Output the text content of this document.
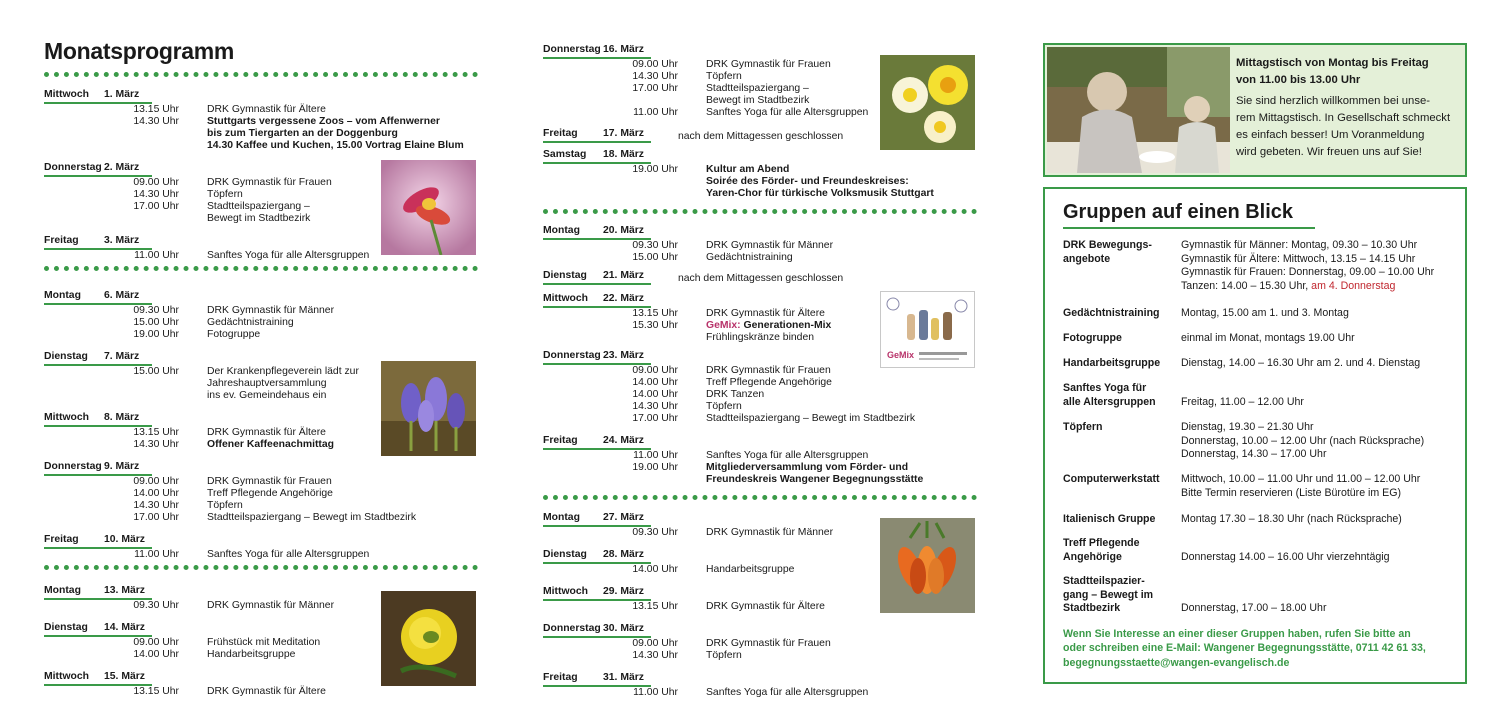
Monatsprogramm
Mittwoch	1. März
13.15 Uhr	DRK Gymnastik für Ältere
14.30 Uhr	Stuttgarts vergessene Zoos – vom Affenwerner
bis zum Tiergarten an der Doggenburg
14.30 Kaffee und Kuchen, 15.00 Vortrag Elaine Blum
Donnerstag 2. März
09.00 Uhr	DRK Gymnastik für Frauen
14.30 Uhr	Töpfern
17.00 Uhr	Stadtteilspaziergang –
Bewegt im Stadtbezirk
Freitag	3. März
11.00 Uhr	Sanftes Yoga für alle Altersgruppen
Montag	6. März
09.30 Uhr	DRK Gymnastik für Männer
15.00 Uhr	Gedächtnistraining
19.00 Uhr	Fotogruppe
Dienstag	7. März
15.00 Uhr	Der Krankenpflegeverein lädt zur
Jahreshauptversammlung
ins ev. Gemeindehaus ein
Mittwoch	8. März
13.15 Uhr	DRK Gymnastik für Ältere
14.30 Uhr	Offener Kaffeenachmittag
Donnerstag 9. März
09.00 Uhr	DRK Gymnastik für Frauen
14.00 Uhr	Treff Pflegende Angehörige
14.30 Uhr	Töpfern
17.00 Uhr	Stadtteilspaziergang – Bewegt im Stadtbezirk
Freitag	10. März
11.00 Uhr	Sanftes Yoga für alle Altersgruppen
Montag	13. März
09.30 Uhr	DRK Gymnastik für Männer
Dienstag	14. März
09.00 Uhr	Frühstück mit Meditation
14.00 Uhr	Handarbeitsgruppe
Mittwoch	15. März
13.15 Uhr	DRK Gymnastik für Ältere
Donnerstag 16. März
09.00 Uhr	DRK Gymnastik für Frauen
14.30 Uhr	Töpfern
17.00 Uhr	Stadtteilspaziergang –
Bewegt im Stadtbezirk
11.00 Uhr	Sanftes Yoga für alle Altersgruppen
Freitag	17. März	nach dem Mittagessen geschlossen
Samstag	18. März
19.00 Uhr	Kultur am Abend
Soirée des Förder- und Freundeskreises:
Yaren-Chor für türkische Volksmusik Stuttgart
Montag	20. März
09.30 Uhr	DRK Gymnastik für Männer
15.00 Uhr	Gedächtnistraining
Dienstag	21. März	nach dem Mittagessen geschlossen
Mittwoch	22. März
13.15 Uhr	DRK Gymnastik für Ältere
15.30 Uhr	GeMix: Generationen-Mix
Frühlingskränze binden
Donnerstag 23. März
09.00 Uhr	DRK Gymnastik für Frauen
14.00 Uhr	Treff Pflegende Angehörige
14.00 Uhr	DRK Tanzen
14.30 Uhr	Töpfern
17.00 Uhr	Stadtteilspaziergang – Bewegt im Stadtbezirk
Freitag	24. März
11.00 Uhr	Sanftes Yoga für alle Altersgruppen
19.00 Uhr	Mitgliederversammlung vom Förder- und
Freundeskreis Wangener Begegnungsstätte
Montag	27. März
09.30 Uhr	DRK Gymnastik für Männer
Dienstag	28. März
14.00 Uhr	Handarbeitsgruppe
Mittwoch	29. März
13.15 Uhr	DRK Gymnastik für Ältere
Donnerstag 30. März
09.00 Uhr	DRK Gymnastik für Frauen
14.30 Uhr	Töpfern
Freitag	31. März
11.00 Uhr	Sanftes Yoga für alle Altersgruppen
GeMix
Mittagstisch von Montag bis Freitag
von 11.00 bis 13.00 Uhr
Sie sind herzlich willkommen bei unse-
rem Mittagstisch. In Gesellschaft schmeckt
es einfach besser! Um Voranmeldung
wird gebeten. Wir freuen uns auf Sie!
Gruppen auf einen Blick
DRK Bewegungs-
angebote
Gymnastik für Männer: Montag, 09.30 – 10.30 Uhr
Gymnastik für Ältere: Mittwoch, 13.15 – 14.15 Uhr
Gymnastik für Frauen: Donnerstag, 09.00 – 10.00 Uhr
Tanzen: 14.00 – 15.30 Uhr, am 4. Donnerstag
Gedächtnistraining	Montag, 15.00 am 1. und 3. Montag
Fotogruppe	einmal im Monat, montags 19.00 Uhr
Handarbeitsgruppe	Dienstag, 14.00 – 16.30 Uhr am 2. und 4. Dienstag
Sanftes Yoga für
alle Altersgruppen	
Freitag, 11.00 – 12.00 Uhr
Töpfern	Dienstag, 19.30 – 21.30 Uhr
Donnerstag, 10.00 – 12.00 Uhr (nach Rücksprache)
Donnerstag, 14.30 – 17.00 Uhr
Computerwerkstatt	Mittwoch, 10.00 – 11.00 Uhr und 11.00 – 12.00 Uhr
Bitte Termin reservieren (Liste Bürotüre im EG)
Italienisch Gruppe	Montag 17.30 – 18.30 Uhr (nach Rücksprache)
Treff Pflegende
Angehörige	
Donnerstag 14.00 – 16.00 Uhr vierzehntägig
Stadtteilspazier-
gang – Bewegt im
Stadtbezirk	

Donnerstag, 17.00 – 18.00 Uhr
Wenn Sie Interesse an einer dieser Gruppen haben, rufen Sie bitte an
oder schreiben eine E-Mail: Wangener Begegnungsstätte, 0711 42 61 33,
begegnungsstaette@wangen-evangelisch.de
